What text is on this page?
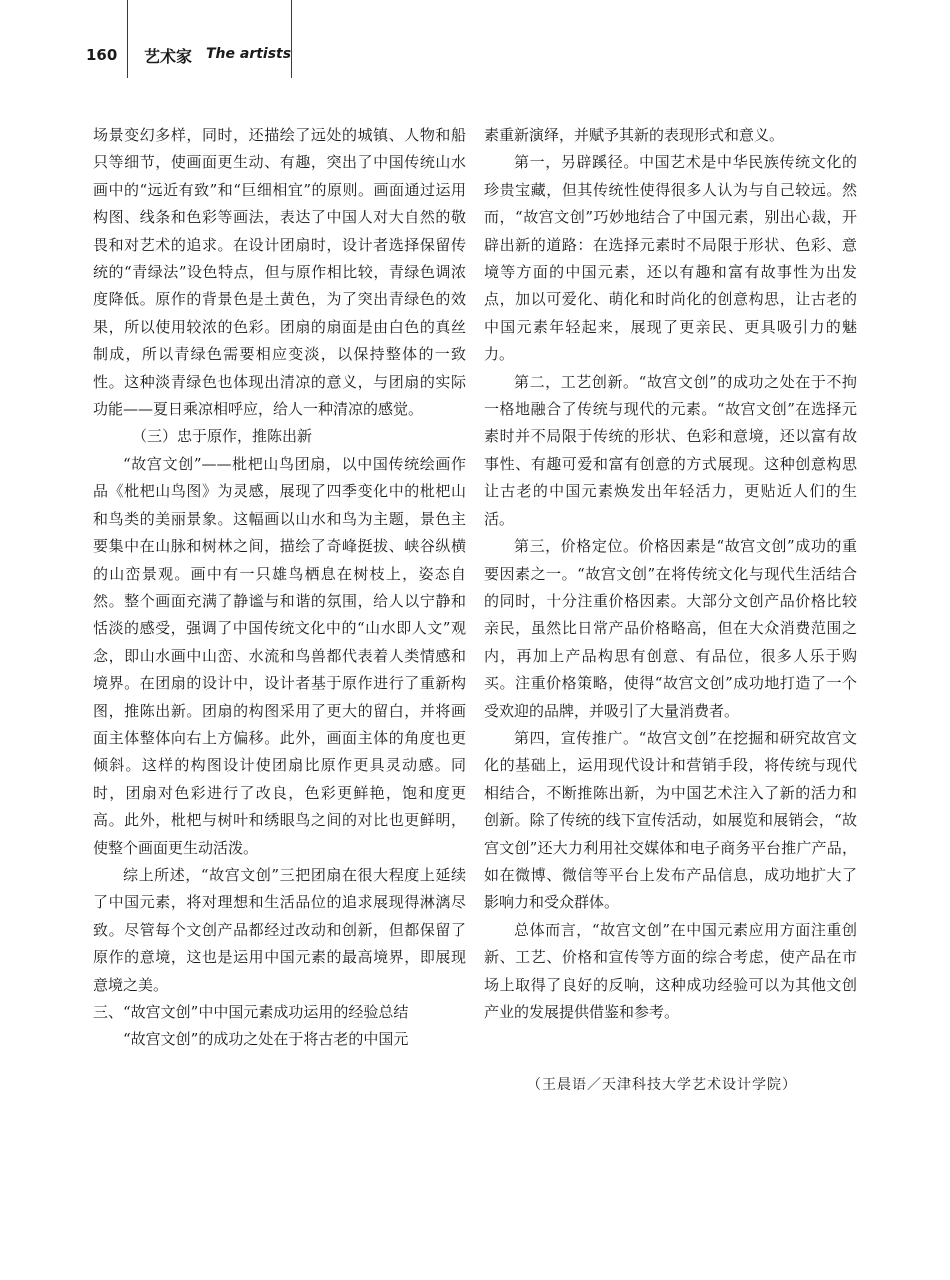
160 艺术家 The artists

场景变幻多样，同时，还描绘了远处的城镇、人物和船只等细节，使画面更生动、有趣，突出了中国传统山水画中的“远近有致”和“巨细相宜”的原则。画面通过运用构图、线条和色彩等画法，表达了中国人对大自然的敬畏和对艺术的追求。在设计团扇时，设计者选择保留传统的“青绿法”设色特点，但与原作相比较，青绿色调浓度降低。原作的背景色是土黄色，为了突出青绿色的效果，所以使用较浓的色彩。团扇的扇面是由白色的真丝制成，所以青绿色需要相应变淡，以保持整体的一致性。这种淡青绿色也体现出清凉的意义，与团扇的实际功能——夏日乘凉相呼应，给人一种清凉的感觉。

（三）忠于原作，推陈出新

“故宫文创”——枇杷山鸟团扇，以中国传统绘画作品《枇杷山鸟图》为灵感，展现了四季变化中的枇杷山和鸟类的美丽景象。这幅画以山水和鸟为主题，景色主要集中在山脉和树林之间，描绘了奇峰挺拔、峡谷纵横的山峦景观。画中有一只雄鸟栖息在树枝上，姿态自然。整个画面充满了静谧与和谐的氛围，给人以宁静和恬淡的感受，强调了中国传统文化中的“山水即人文”观念，即山水画中山峦、水流和鸟兽都代表着人类情感和境界。在团扇的设计中，设计者基于原作进行了重新构图，推陈出新。团扇的构图采用了更大的留白，并将画面主体整体向右上方偏移。此外，画面主体的角度也更倾斜。这样的构图设计使团扇比原作更具灵动感。同时，团扇对色彩进行了改良，色彩更鲜艳，饱和度更高。此外，枇杷与树叶和绣眼鸟之间的对比也更鲜明，使整个画面更生动活泼。

综上所述，“故宫文创”三把团扇在很大程度上延续了中国元素，将对理想和生活品位的追求展现得淋漓尽致。尽管每个文创产品都经过改动和创新，但都保留了原作的意境，这也是运用中国元素的最高境界，即展现意境之美。

三、“故宫文创”中中国元素成功运用的经验总结

“故宫文创”的成功之处在于将古老的中国元

素重新演绎，并赋予其新的表现形式和意义。

第一，另辟蹊径。中国艺术是中华民族传统文化的珍贵宝藏，但其传统性使得很多人认为与自己较远。然而，“故宫文创”巧妙地结合了中国元素，别出心裁，开辟出新的道路：在选择元素时不局限于形状、色彩、意境等方面的中国元素，还以有趣和富有故事性为出发点，加以可爱化、萌化和时尚化的创意构思，让古老的中国元素年轻起来，展现了更亲民、更具吸引力的魅力。

第二，工艺创新。“故宫文创”的成功之处在于不拘一格地融合了传统与现代的元素。“故宫文创”在选择元素时并不局限于传统的形状、色彩和意境，还以富有故事性、有趣可爱和富有创意的方式展现。这种创意构思让古老的中国元素焕发出年轻活力，更贴近人们的生活。

第三，价格定位。价格因素是“故宫文创”成功的重要因素之一。“故宫文创”在将传统文化与现代生活结合的同时，十分注重价格因素。大部分文创产品价格比较亲民，虽然比日常产品价格略高，但在大众消费范围之内，再加上产品构思有创意、有品位，很多人乐于购买。注重价格策略，使得“故宫文创”成功地打造了一个受欢迎的品牌，并吸引了大量消费者。

第四，宣传推广。“故宫文创”在挖掘和研究故宫文化的基础上，运用现代设计和营销手段，将传统与现代相结合，不断推陈出新，为中国艺术注入了新的活力和创新。除了传统的线下宣传活动，如展览和展销会，“故宫文创”还大力利用社交媒体和电子商务平台推广产品，如在微博、微信等平台上发布产品信息，成功地扩大了影响力和受众群体。

总体而言，“故宫文创”在中国元素应用方面注重创新、工艺、价格和宣传等方面的综合考虑，使产品在市场上取得了良好的反响，这种成功经验可以为其他文创产业的发展提供借鉴和参考。

（王晨语／天津科技大学艺术设计学院）
